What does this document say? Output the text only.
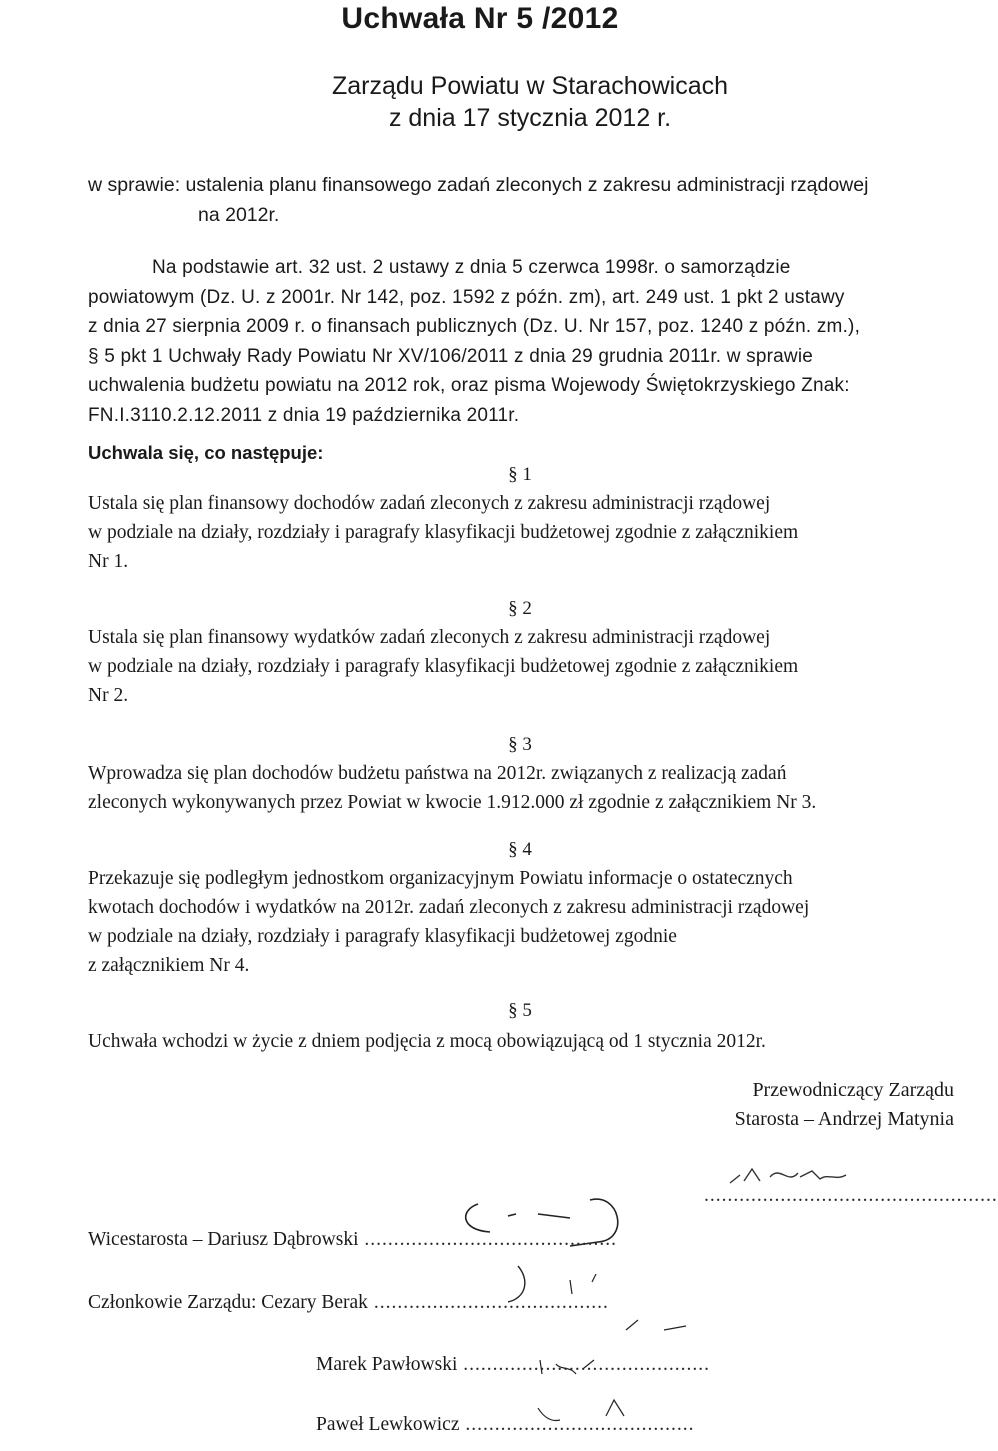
Uchwała Nr 5 /2012
Zarządu Powiatu w Starachowicach
z dnia 17 stycznia 2012 r.
w sprawie: ustalenia planu finansowego zadań zleconych z zakresu administracji rządowej
na 2012r.
Na podstawie art. 32 ust. 2 ustawy z dnia 5 czerwca 1998r. o samorządzie
powiatowym (Dz. U. z 2001r. Nr 142, poz. 1592 z późn. zm), art. 249 ust. 1 pkt 2 ustawy
z dnia 27 sierpnia 2009 r. o finansach publicznych (Dz. U. Nr 157, poz. 1240 z późn. zm.),
§ 5 pkt 1 Uchwały Rady Powiatu Nr XV/106/2011 z dnia 29 grudnia 2011r. w sprawie
uchwalenia budżetu powiatu na 2012 rok, oraz pisma Wojewody Świętokrzyskiego Znak:
FN.I.3110.2.12.2011 z dnia 19 października 2011r.
Uchwala się, co następuje:
§ 1
Ustala się plan finansowy dochodów zadań zleconych z zakresu administracji rządowej
w podziale na działy, rozdziały i paragrafy klasyfikacji budżetowej zgodnie z załącznikiem
Nr 1.
§ 2
Ustala się plan finansowy wydatków zadań zleconych z zakresu administracji rządowej
w podziale na działy, rozdziały i paragrafy klasyfikacji budżetowej zgodnie z załącznikiem
Nr 2.
§ 3
Wprowadza się plan dochodów budżetu państwa na 2012r. związanych z realizacją zadań
zleconych wykonywanych przez Powiat w kwocie 1.912.000 zł zgodnie z załącznikiem Nr 3.
§ 4
Przekazuje się podległym jednostkom organizacyjnym Powiatu informacje o ostatecznych
kwotach dochodów i wydatków na 2012r. zadań zleconych z zakresu administracji rządowej
w podziale na działy, rozdziały i paragrafy klasyfikacji budżetowej zgodnie
z załącznikiem Nr 4.
§ 5
Uchwała wchodzi w życie z dniem podjęcia z mocą obowiązującą od 1 stycznia 2012r.
Przewodniczący Zarządu
Starosta – Andrzej Matynia
..................................................
Wicestarosta – Dariusz Dąbrowski ...........................................
Członkowie Zarządu: Cezary Berak ........................................
Marek Pawłowski ..........................................
Paweł Lewkowicz .......................................
